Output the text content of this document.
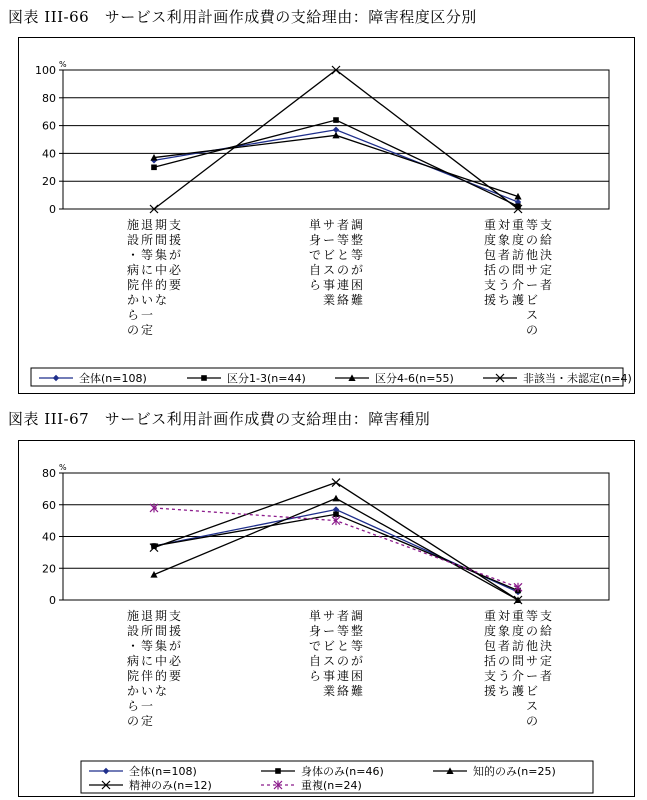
図表 III-66　サービス利用計画作成費の支給理由：障害程度区分別
0
20
40
60
80
100 %
施
設
・
病
院
か
ら
の
退
所
等
に
伴
い
一
定
期
間
集
中
的
な
支
援
が
必
要
単
身
で
自
ら
サ
ー
ビ
ス
事
業
者
等
と
の
連
絡
調
整
等
が
困
難
重
度
包
括
支
援
対
象
者
の
う
ち
重
度
訪
問
介
護
等
の
他
サ
ー
ビ
ス
の
支
給
決
定
者
全体(n=108)	区分1-3(n=44)	区分4-6(n=55)	非該当・未認定(n=4)
図表 III-67　サービス利用計画作成費の支給理由：障害種別
0
20
40
60
80 %
施
設
・
病
院
か
ら
の
退
所
等
に
伴
い
一
定
期
間
集
中
的
な
支
援
が
必
要
単
身
で
自
ら
サ
ー
ビ
ス
事
業
者
等
と
の
連
絡
調
整
等
が
困
難
重
度
包
括
支
援
対
象
者
の
う
ち
重
度
訪
問
介
護
等
の
他
サ
ー
ビ
ス
の
支
給
決
定
者
全体(n=108)	身体のみ(n=46)	知的のみ(n=25)
精神のみ(n=12)	重複(n=24)
